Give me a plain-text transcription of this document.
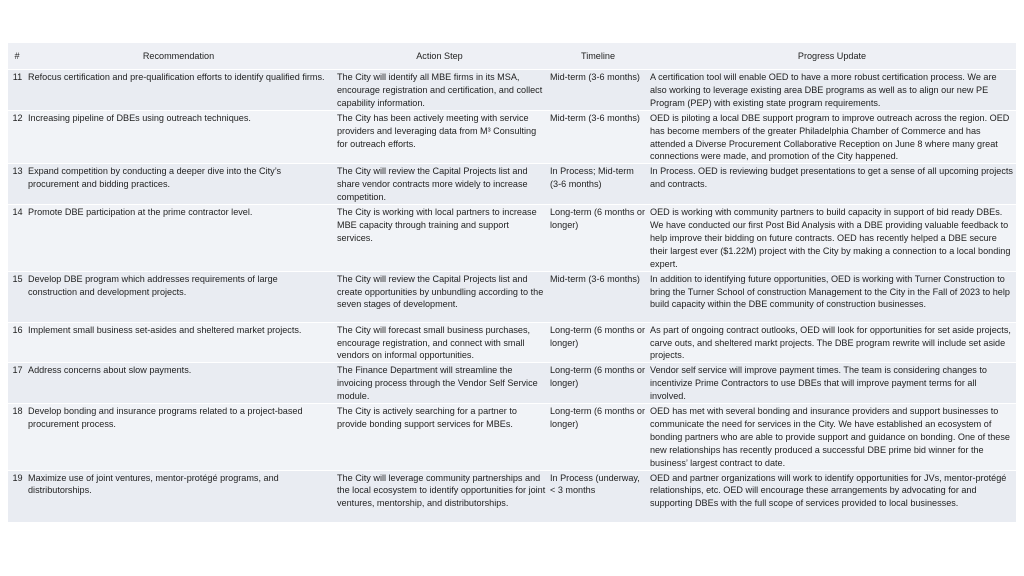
#	Recommendation	Action Step	Timeline	Progress Update
11	Refocus certification and pre-qualification efforts to identify qualified firms.	The City will identify all MBE firms in its MSA, encourage registration and certification, and collect capability information.	Mid-term (3-6 months)	A certification tool will enable OED to have a more robust certification process. We are also working to leverage existing area DBE programs as well as to align our new PE Program (PEP) with existing state program requirements.
12	Increasing pipeline of DBEs using outreach techniques.	The City has been actively meeting with service providers and leveraging data from M³ Consulting for outreach efforts.	Mid-term (3-6 months)	OED is piloting a local DBE support program to improve outreach across the region. OED has become members of the greater Philadelphia Chamber of Commerce and has attended a Diverse Procurement Collaborative Reception on June 8 where many great connections were made, and promotion of the City happened.
13	Expand competition by conducting a deeper dive into the City’s procurement and bidding practices.	The City will review the Capital Projects list and share vendor contracts more widely to increase competition.	In Process; Mid-term (3-6 months)	In Process. OED is reviewing budget presentations to get a sense of all upcoming projects and contracts.
14	Promote DBE participation at the prime contractor level.	The City is working with local partners to increase MBE capacity through training and support services.	Long-term (6 months or longer)	OED is working with community partners to build capacity in support of bid ready DBEs. We have conducted our first Post Bid Analysis with a DBE providing valuable feedback to help improve their bidding on future contracts. OED has recently helped a DBE secure their largest ever ($1.22M) project with the City by making a connection to a local bonding expert.
15	Develop DBE program which addresses requirements of large construction and development projects.	The City will review the Capital Projects list and create opportunities by unbundling according to the seven stages of development.	Mid-term (3-6 months)	In addition to identifying future opportunities, OED is working with Turner Construction to bring the Turner School of construction Management to the City in the Fall of 2023 to help build capacity within the DBE community of construction businesses.
16	Implement small business set-asides and sheltered market projects.	The City will forecast small business purchases, encourage registration, and connect with small vendors on informal opportunities.	Long-term (6 months or longer)	As part of ongoing contract outlooks, OED will look for opportunities for set aside projects, carve outs, and sheltered markt projects. The DBE program rewrite will include set aside projects.
17	Address concerns about slow payments.	The Finance Department will streamline the invoicing process through the Vendor Self Service module.	Long-term (6 months or longer)	Vendor self service will improve payment times. The team is considering changes to incentivize Prime Contractors to use DBEs that will improve payment terms for all involved.
18	Develop bonding and insurance programs related to a project-based procurement process.	The City is actively searching for a partner to provide bonding support services for MBEs.	Long-term (6 months or longer)	OED has met with several bonding and insurance providers and support businesses to communicate the need for services in the City. We have established an ecosystem of bonding partners who are able to provide support and guidance on bonding. One of these new relationships has recently produced a successful DBE prime bid winner for the business’ largest contract to date.
19	Maximize use of joint ventures, mentor-protégé programs, and distributorships.	The City will leverage community partnerships and the local ecosystem to identify opportunities for joint ventures, mentorship, and distributorships.	In Process (underway, < 3 months	OED and partner organizations will work to identify opportunities for JVs, mentor-protégé relationships, etc. OED will encourage these arrangements by advocating for and supporting DBEs with the full scope of services provided to local businesses.
